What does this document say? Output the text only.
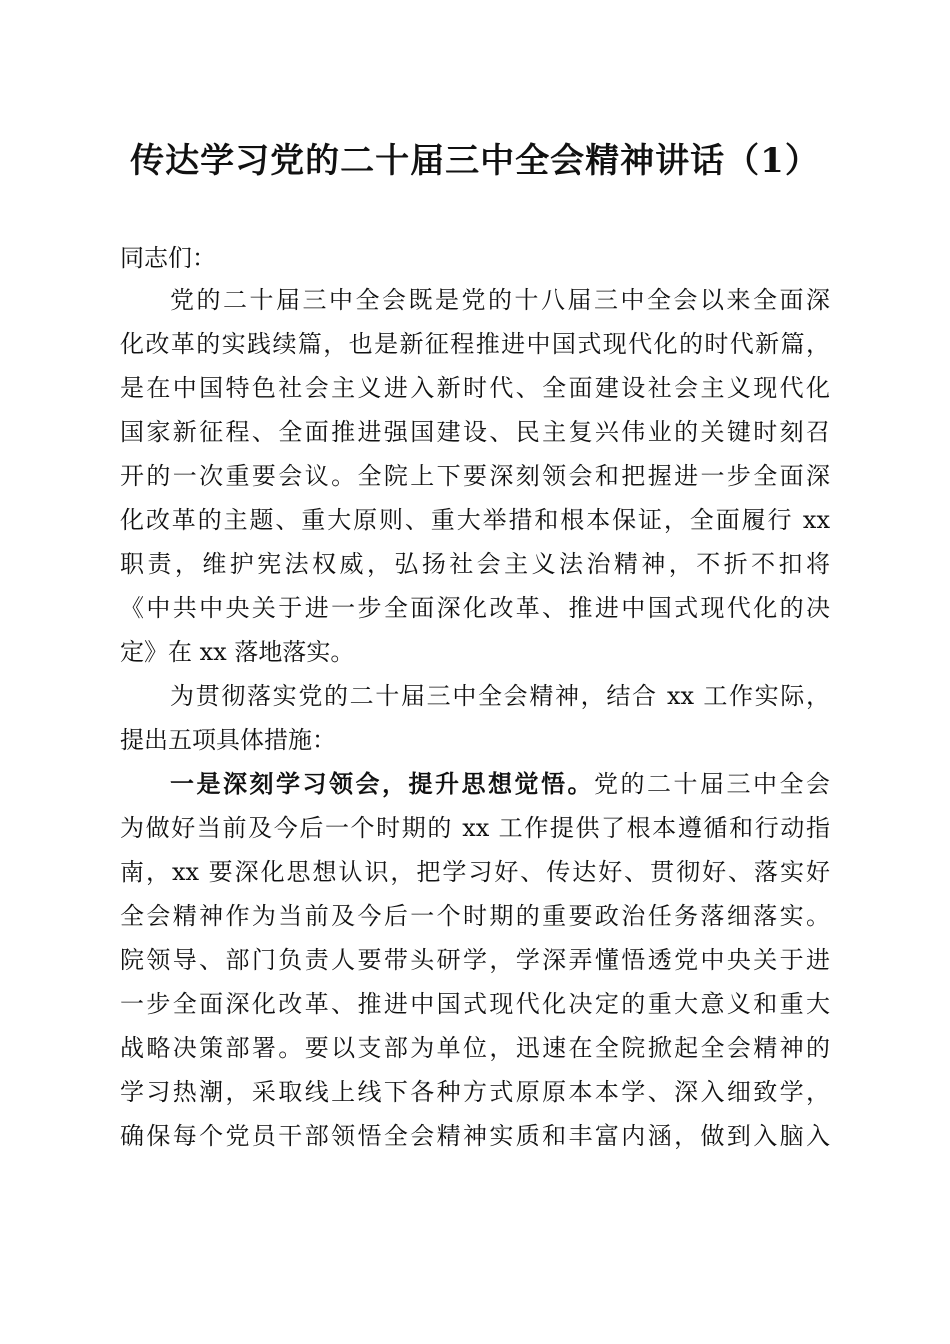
传达学习党的二十届三中全会精神讲话（1）

同志们：

党的二十届三中全会既是党的十八届三中全会以来全面深

化改革的实践续篇，也是新征程推进中国式现代化的时代新篇，

是在中国特色社会主义进入新时代、全面建设社会主义现代化

国家新征程、全面推进强国建设、民主复兴伟业的关键时刻召

开的一次重要会议。全院上下要深刻领会和把握进一步全面深

化改革的主题、重大原则、重大举措和根本保证，全面履行 xx

职责，维护宪法权威，弘扬社会主义法治精神，不折不扣将

《中共中央关于进一步全面深化改革、推进中国式现代化的决

定》在 xx 落地落实。

为贯彻落实党的二十届三中全会精神，结合 xx 工作实际，

提出五项具体措施：

一是深刻学习领会，提升思想觉悟。党的二十届三中全会

为做好当前及今后一个时期的 xx 工作提供了根本遵循和行动指

南，xx 要深化思想认识，把学习好、传达好、贯彻好、落实好

全会精神作为当前及今后一个时期的重要政治任务落细落实。

院领导、部门负责人要带头研学，学深弄懂悟透党中央关于进

一步全面深化改革、推进中国式现代化决定的重大意义和重大

战略决策部署。要以支部为单位，迅速在全院掀起全会精神的

学习热潮，采取线上线下各种方式原原本本学、深入细致学，

确保每个党员干部领悟全会精神实质和丰富内涵，做到入脑入
